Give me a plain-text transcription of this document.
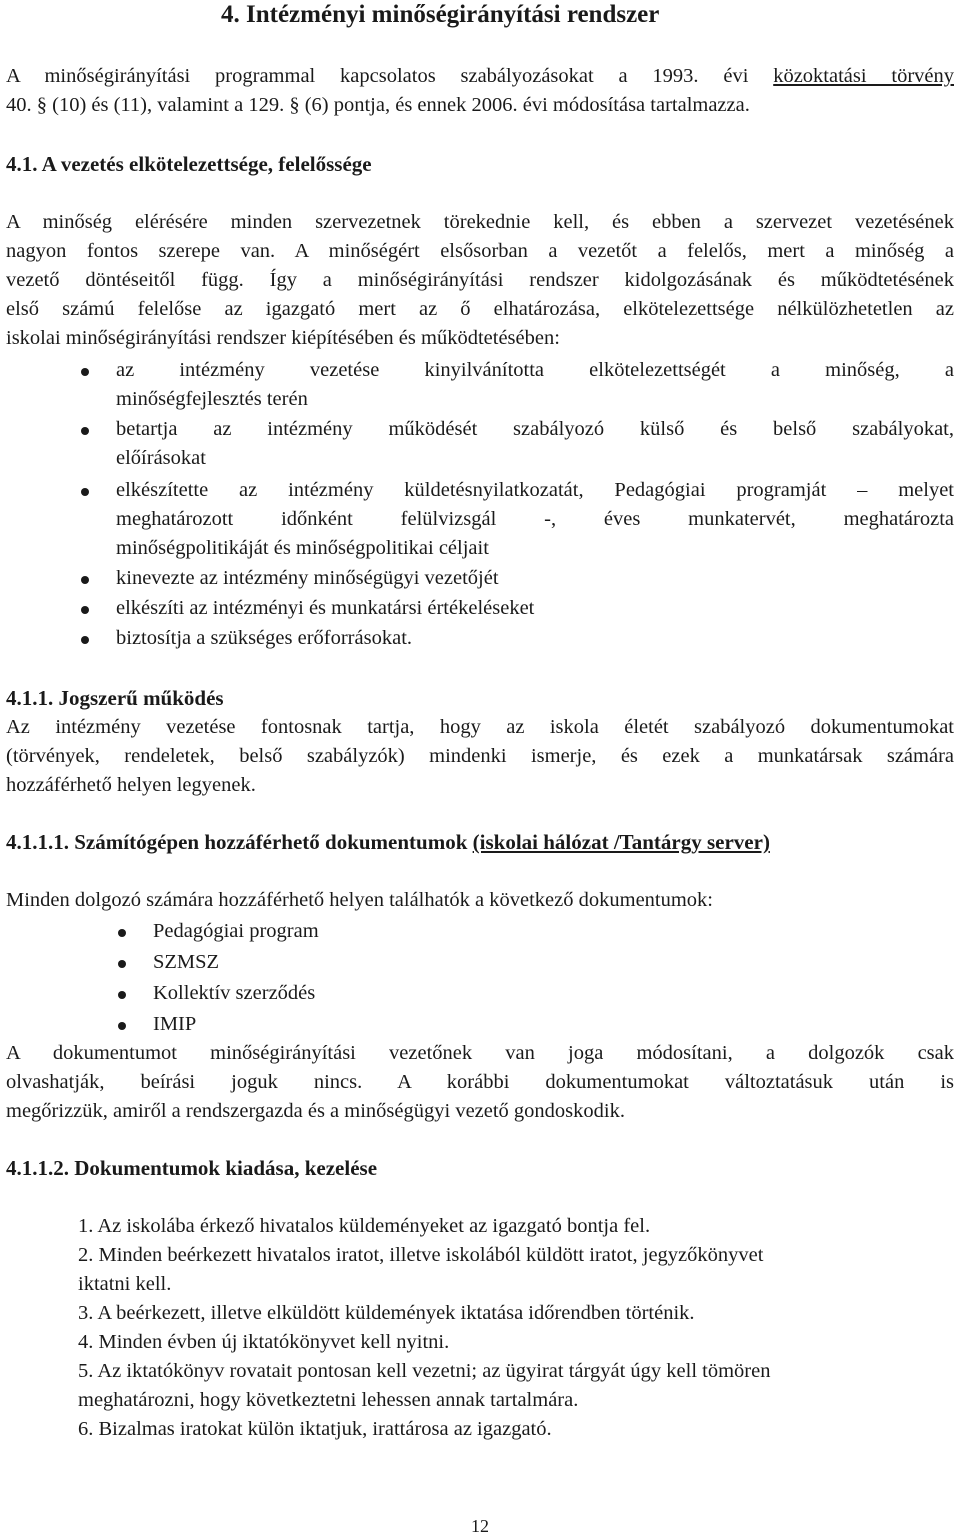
4. Intézményi minőségirányítási rendszer
A minőségirányítási programmal kapcsolatos szabályozásokat a 1993. évi közoktatási törvény
40. § (10) és (11), valamint a 129. § (6) pontja, és ennek 2006. évi módosítása tartalmazza.
4.1. A vezetés elkötelezettsége, felelőssége
A minőség elérésére minden szervezetnek törekednie kell, és ebben a szervezet vezetésének
nagyon fontos szerepe van. A minőségért elsősorban a vezetőt a felelős, mert a minőség a
vezető döntéseitől függ. Így a minőségirányítási rendszer kidolgozásának és működtetésének
első számú felelőse az igazgató mert az ő elhatározása, elkötelezettsége nélkülözhetetlen az
iskolai minőségirányítási rendszer kiépítésében és működtetésében:
az intézmény vezetése kinyilvánította elkötelezettségét a minőség, a
minőségfejlesztés terén
betartja az intézmény működését szabályozó külső és belső szabályokat,
előírásokat
elkészítette az intézmény küldetésnyilatkozatát, Pedagógiai programját – melyet
meghatározott időnként felülvizsgál -, éves munkatervét, meghatározta
minőségpolitikáját és minőségpolitikai céljait
kinevezte az intézmény minőségügyi vezetőjét
elkészíti az intézményi és munkatársi értékeléseket
biztosítja a szükséges erőforrásokat.
4.1.1. Jogszerű működés
Az intézmény vezetése fontosnak tartja, hogy az iskola életét szabályozó dokumentumokat
(törvények, rendeletek, belső szabályzók) mindenki ismerje, és ezek a munkatársak számára
hozzáférhető helyen legyenek.
4.1.1.1. Számítógépen hozzáférhető dokumentumok (iskolai hálózat /Tantárgy server)
Minden dolgozó számára hozzáférhető helyen találhatók a következő dokumentumok:
Pedagógiai program
SZMSZ
Kollektív szerződés
IMIP
A dokumentumot minőségirányítási vezetőnek van joga módosítani, a dolgozók csak
olvashatják, beírási joguk nincs. A korábbi dokumentumokat változtatásuk után is
megőrizzük, amiről a rendszergazda és a minőségügyi vezető gondoskodik.
4.1.1.2. Dokumentumok kiadása, kezelése
1. Az iskolába érkező hivatalos küldeményeket az igazgató bontja fel.
2. Minden beérkezett hivatalos iratot, illetve iskolából küldött iratot, jegyzőkönyvet
iktatni kell.
3. A beérkezett, illetve elküldött küldemények iktatása időrendben történik.
4. Minden évben új iktatókönyvet kell nyitni.
5. Az iktatókönyv rovatait pontosan kell vezetni; az ügyirat tárgyát úgy kell tömören
meghatározni, hogy következtetni lehessen annak tartalmára.
6. Bizalmas iratokat külön iktatjuk, irattárosa az igazgató.
12
